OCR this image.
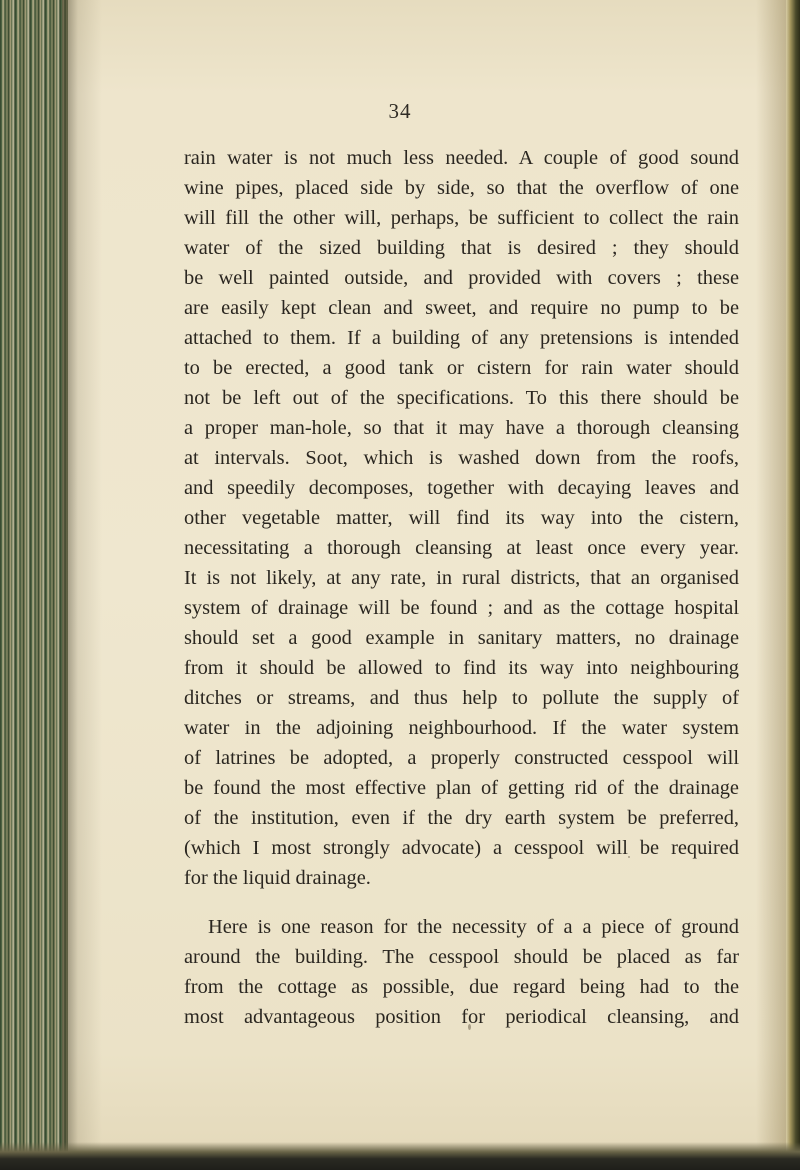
34
rain water is not much less needed. A couple of good sound
wine pipes, placed side by side, so that the overflow of one
will fill the other will, perhaps, be sufficient to collect the rain
water of the sized building that is desired ; they should
be well painted outside, and provided with covers ; these
are easily kept clean and sweet, and require no pump to be
attached to them. If a building of any pretensions is intended
to be erected, a good tank or cistern for rain water should
not be left out of the specifications. To this there should be
a proper man-hole, so that it may have a thorough cleansing
at intervals. Soot, which is washed down from the roofs,
and speedily decomposes, together with decaying leaves and
other vegetable matter, will find its way into the cistern,
necessitating a thorough cleansing at least once every year.
It is not likely, at any rate, in rural districts, that an organised
system of drainage will be found ; and as the cottage hospital
should set a good example in sanitary matters, no drainage
from it should be allowed to find its way into neighbouring
ditches or streams, and thus help to pollute the supply of
water in the adjoining neighbourhood. If the water system
of latrines be adopted, a properly constructed cesspool will
be found the most effective plan of getting rid of the drainage
of the institution, even if the dry earth system be preferred,
(which I most strongly advocate) a cesspool will be required
for the liquid drainage.
Here is one reason for the necessity of a a piece of ground
around the building. The cesspool should be placed as far
from the cottage as possible, due regard being had to the
most advantageous position for periodical cleansing, and
